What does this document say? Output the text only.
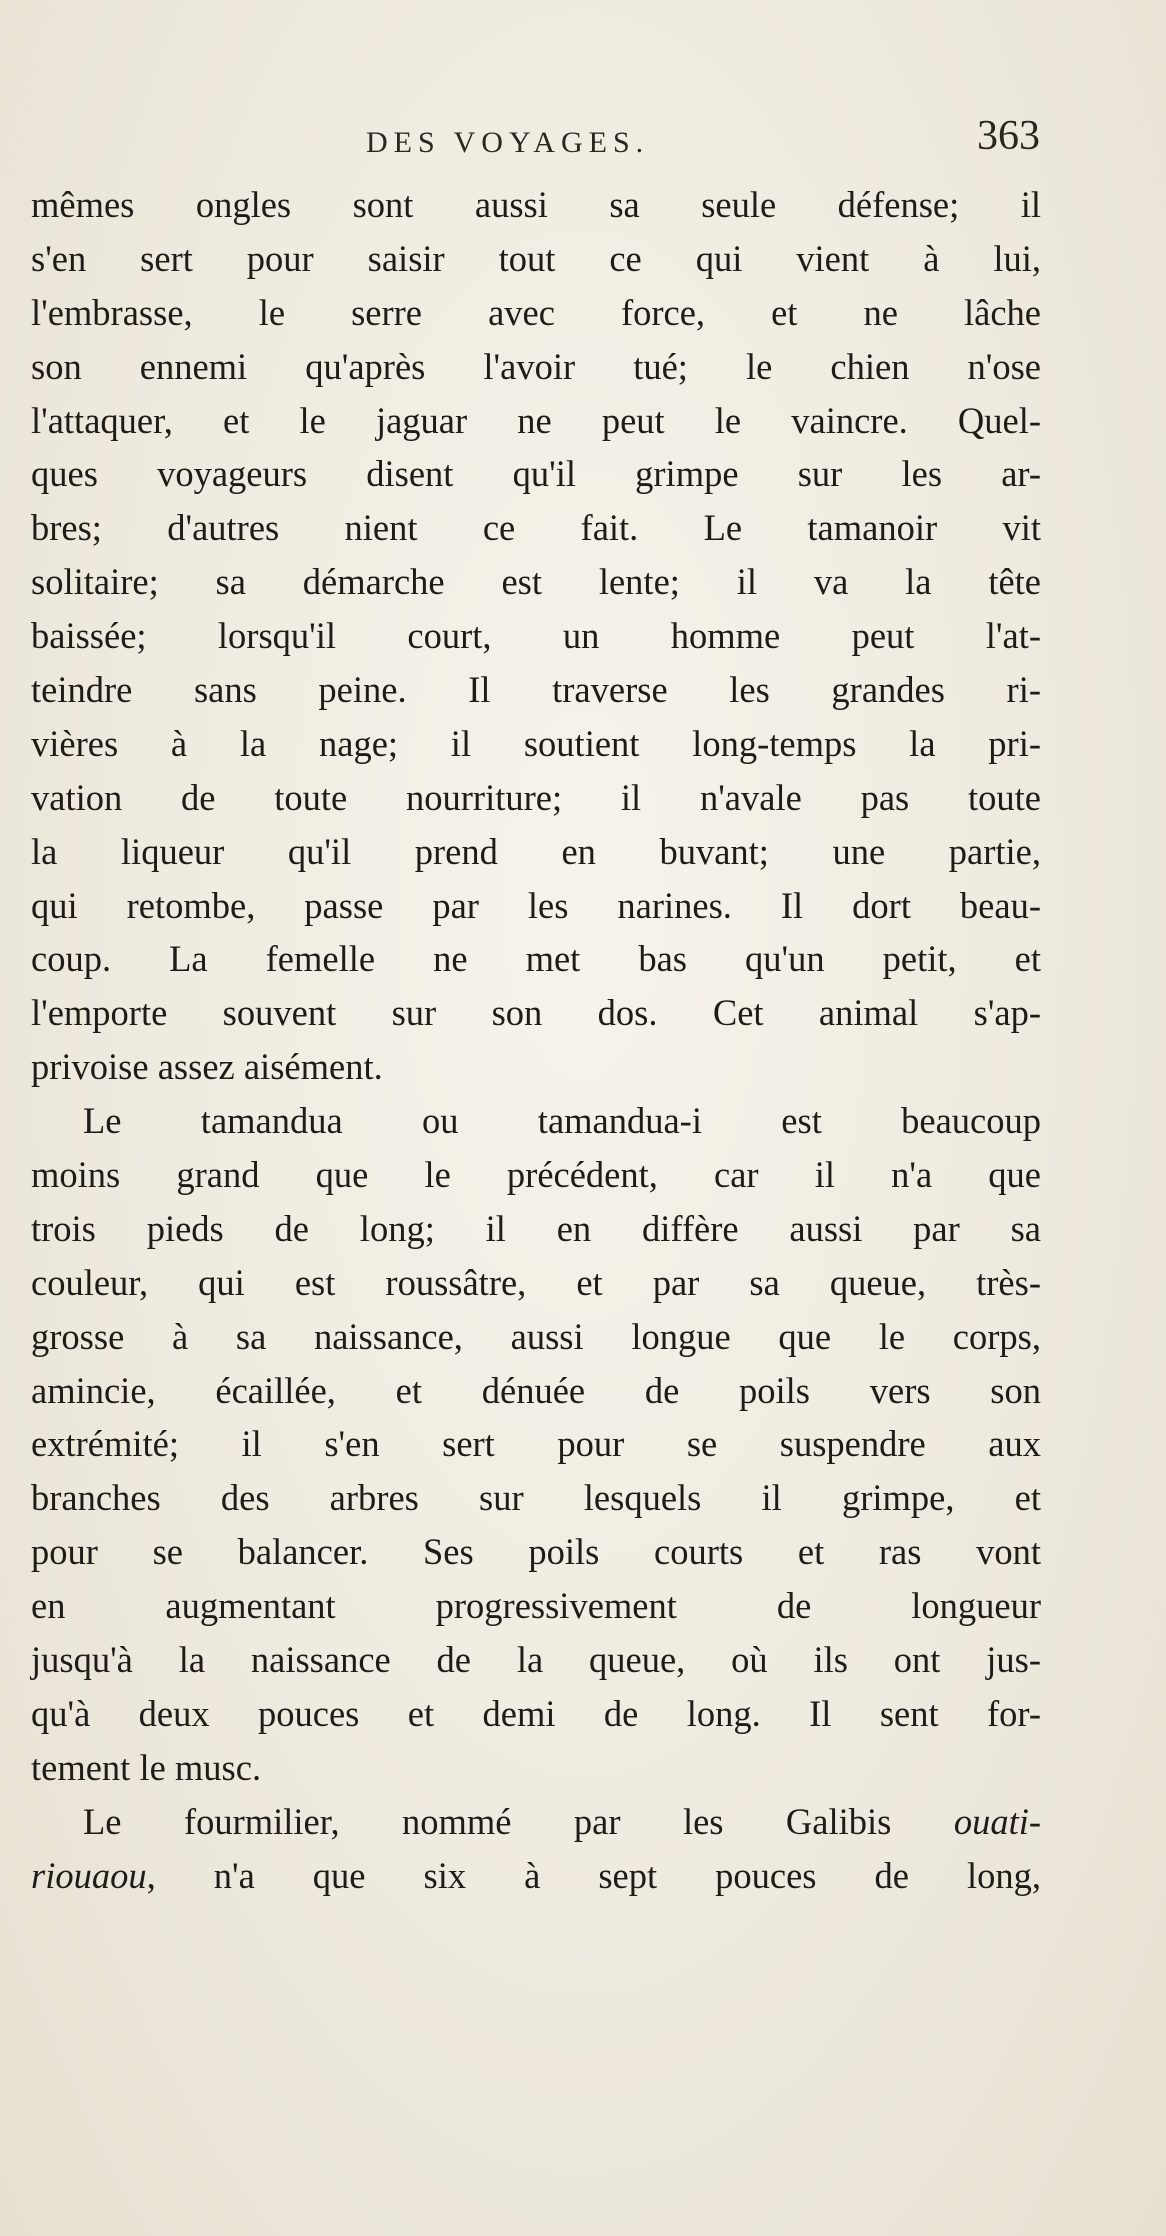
DES VOYAGES.	363
mêmes ongles sont aussi sa seule défense; il
s'en sert pour saisir tout ce qui vient à lui,
l'embrasse, le serre avec force, et ne lâche
son ennemi qu'après l'avoir tué; le chien n'ose
l'attaquer, et le jaguar ne peut le vaincre. Quel-
ques voyageurs disent qu'il grimpe sur les ar-
bres; d'autres nient ce fait. Le tamanoir vit
solitaire; sa démarche est lente; il va la tête
baissée; lorsqu'il court, un homme peut l'at-
teindre sans peine. Il traverse les grandes ri-
vières à la nage; il soutient long-temps la pri-
vation de toute nourriture; il n'avale pas toute
la liqueur qu'il prend en buvant; une partie,
qui retombe, passe par les narines. Il dort beau-
coup. La femelle ne met bas qu'un petit, et
l'emporte souvent sur son dos. Cet animal s'ap-
privoise assez aisément.
Le tamandua ou tamandua-i est beaucoup
moins grand que le précédent, car il n'a que
trois pieds de long; il en diffère aussi par sa
couleur, qui est roussâtre, et par sa queue, très-
grosse à sa naissance, aussi longue que le corps,
amincie, écaillée, et dénuée de poils vers son
extrémité; il s'en sert pour se suspendre aux
branches des arbres sur lesquels il grimpe, et
pour se balancer. Ses poils courts et ras vont
en augmentant progressivement de longueur
jusqu'à la naissance de la queue, où ils ont jus-
qu'à deux pouces et demi de long. Il sent for-
tement le musc.
Le fourmilier, nommé par les Galibis ouati-
riouaou, n'a que six à sept pouces de long,
